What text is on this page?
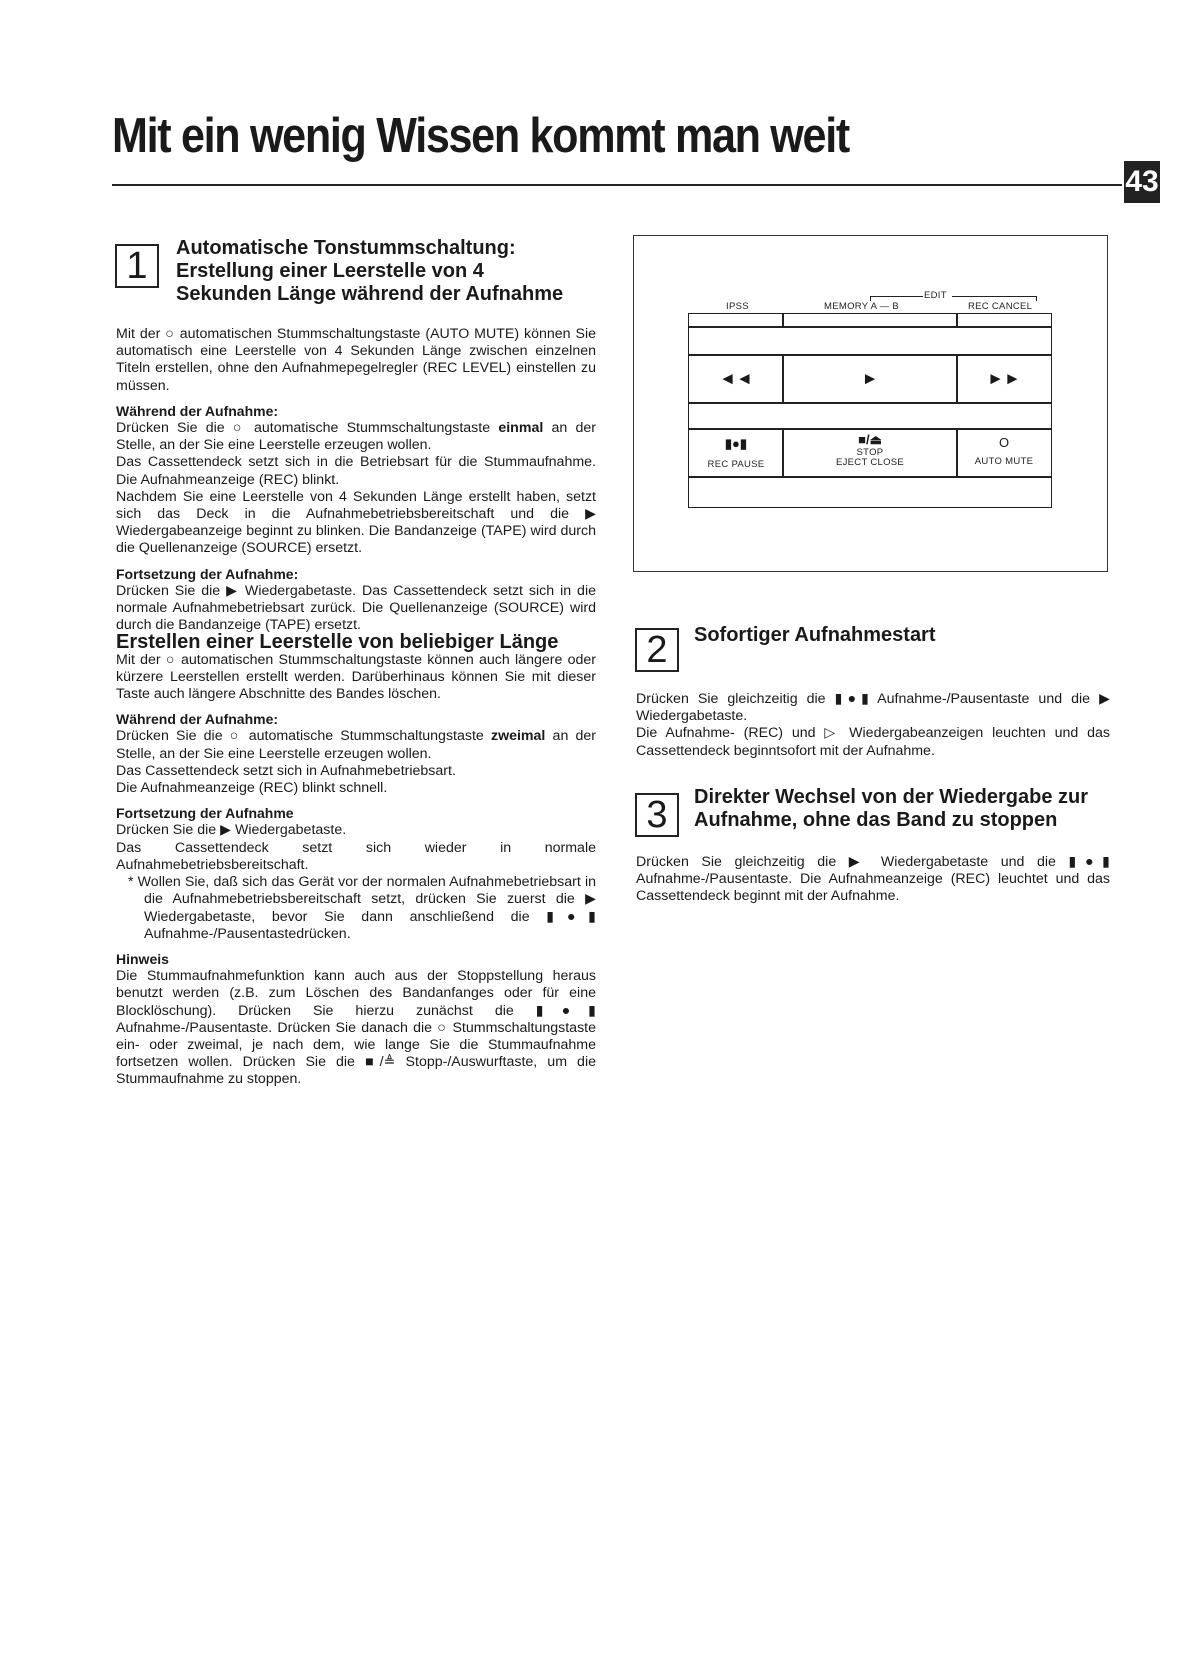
Mit ein wenig Wissen kommt man weit
43
1	Automatische Tonstummschaltung:
Erstellung einer Leerstelle von 4
Sekunden Länge während der Aufnahme

Mit der ○ automatischen Stummschaltungstaste (AUTO MUTE) können Sie automatisch eine Leerstelle von 4 Sekunden Länge zwischen einzelnen Titeln erstellen, ohne den Aufnahmepegelregler (REC LEVEL) einstellen zu müssen.

Während der Aufnahme:

Drücken Sie die ○ automatische Stummschaltungstaste einmal an der Stelle, an der Sie eine Leerstelle erzeugen wollen.

Das Cassettendeck setzt sich in die Betriebsart für die Stummaufnahme. Die Aufnahmeanzeige (REC) blinkt.

Nachdem Sie eine Leerstelle von 4 Sekunden Länge erstellt haben, setzt sich das Deck in die Aufnahmebetriebsbereitschaft und die ▶ Wiedergabeanzeige beginnt zu blinken. Die Bandanzeige (TAPE) wird durch die Quellenanzeige (SOURCE) ersetzt.

Fortsetzung der Aufnahme:

Drücken Sie die ▶ Wiedergabetaste. Das Cassettendeck setzt sich in die normale Aufnahmebetriebsart zurück. Die Quellenanzeige (SOURCE) wird durch die Bandanzeige (TAPE) ersetzt.

Erstellen einer Leerstelle von beliebiger Länge

Mit der ○ automatischen Stummschaltungstaste können auch längere oder kürzere Leerstellen erstellt werden. Darüberhinaus können Sie mit dieser Taste auch längere Abschnitte des Bandes löschen.

Während der Aufnahme:

Drücken Sie die ○ automatische Stummschaltungstaste zweimal an der Stelle, an der Sie eine Leerstelle erzeugen wollen.

Das Cassettendeck setzt sich in Aufnahmebetriebsart.

Die Aufnahmeanzeige (REC) blinkt schnell.

Fortsetzung der Aufnahme

Drücken Sie die ▶ Wiedergabetaste.

Das Cassettendeck setzt sich wieder in normale Aufnahmebetriebsbereitschaft.

* Wollen Sie, daß sich das Gerät vor der normalen Aufnahmebetriebsart in die Aufnahmebetriebsbereitschaft setzt, drücken Sie zuerst die ▶ Wiedergabetaste, bevor Sie dann anschließend die ▮●▮ Aufnahme-/Pausentastedrücken.

Hinweis

Die Stummaufnahmefunktion kann auch aus der Stoppstellung heraus benutzt werden (z.B. zum Löschen des Bandanfanges oder für eine Blocklöschung). Drücken Sie hierzu zunächst die ▮●▮ Aufnahme-/Pausentaste. Drücken Sie danach die ○ Stummschaltungstaste ein- oder zweimal, je nach dem, wie lange Sie die Stummaufnahme fortsetzen wollen. Drücken Sie die ■/≜ Stopp-/Auswurftaste, um die Stummaufnahme zu stoppen.

IPSS
EDIT
MEMORY A — B	REC CANCEL
◄◄	►	►►
▮●▮
REC PAUSE
■/⏏
STOP
EJECT CLOSE
O
AUTO MUTE
2	Sofortiger Aufnahmestart

Drücken Sie gleichzeitig die ▮●▮ Aufnahme-/Pausentaste und die ▶ Wiedergabetaste.

Die Aufnahme- (REC) und ▷ Wiedergabeanzeigen leuchten und das Cassettendeck beginntsofort mit der Aufnahme.

3	Direkter Wechsel von der Wiedergabe zur
Aufnahme, ohne das Band zu stoppen

Drücken Sie gleichzeitig die ▶ Wiedergabetaste und die ▮●▮ Aufnahme-/Pausentaste. Die Aufnahmeanzeige (REC) leuchtet und das Cassettendeck beginnt mit der Aufnahme.
